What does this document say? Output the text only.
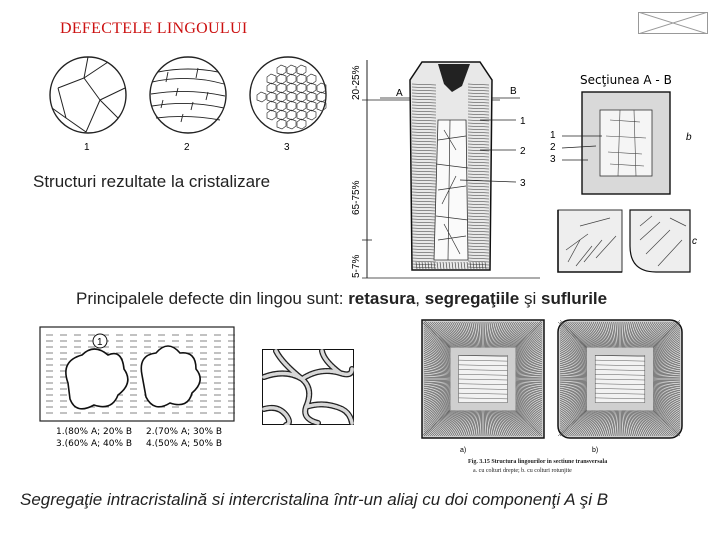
DEFECTELE LINGOULUI
1	2	3
Structuri rezultate la cristalizare
20-25%
65-75%
5-7%
A	B
1
2
3
Secţiunea A - B
1
2
3
b
c
Principalele defecte din lingou sunt: retasura, segregaţiile şi suflurile
1
1.(80% A; 20% B 2.(70% A; 30% B
3.(60% A; 40% B 4.(50% A; 50% B
a)	b)
Fig. 3.15 Structura lingourilor in sectiune transversala
a. cu colturi drepte; b. cu colturi rotunjite
Segregaţie intracristalină si intercristalina într-un aliaj cu doi componenţi A şi B
